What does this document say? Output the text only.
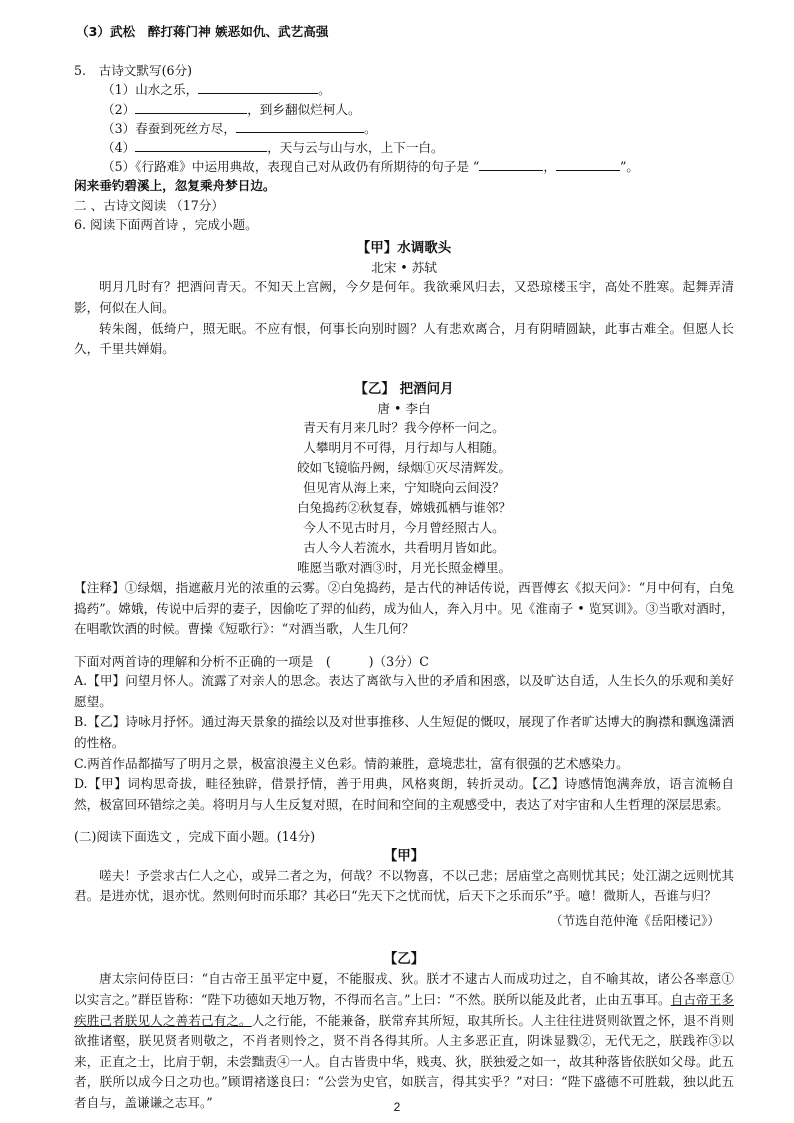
（3）武松　醉打蒋门神 嫉恶如仇、武艺高强
5.　古诗文默写(6分)
（1）山水之乐，	。
（2）	，到乡翻似烂柯人。
（3）春蚕到死丝方尽，	。
（4）	，天与云与山与水，上下一白。
（5）《行路难》中运用典故，表现自己对从政仍有所期待的句子是 “	，	”。
闲来垂钓碧溪上，忽复乘舟梦日边。
二 、古诗文阅读 （17分）
6. 阅读下面两首诗 ，完成小题。
【甲】水调歌头
北宋 • 苏轼

明月几时有？把酒问青天。不知天上宫阙，今夕是何年。我欲乘风归去，又恐琼楼玉宇，高处不胜寒。起舞弄清影，何似在人间。

转朱阁，低绮户，照无眠。不应有恨，何事长向别时圆？人有悲欢离合，月有阴晴圆缺，此事古难全。但愿人长久，千里共婵娟。

【乙】 把酒问月
唐 • 李白
青天有月来几时？我今停杯一问之。
人攀明月不可得，月行却与人相随。
皎如飞镜临丹阙，绿烟①灭尽清辉发。
但见宵从海上来，宁知晓向云间没？
白兔捣药②秋复春，嫦娥孤栖与谁邻？
今人不见古时月，今月曾经照古人。
古人今人若流水，共看明月皆如此。
唯愿当歌对酒③时，月光长照金樽里。

【注释】①绿烟，指遮蔽月光的浓重的云雾。②白兔捣药，是古代的神话传说，西晋傅玄《拟天问》：“月中何有，白兔捣药”。嫦娥，传说中后羿的妻子，因偷吃了羿的仙药，成为仙人，奔入月中。见《淮南子 • 览冥训》。③当歌对酒时，在唱歌饮酒的时候。曹操《短歌行》：“对酒当歌，人生几何？

下面对两首诗的理解和分析不正确的一项是　(　　　)（3分）C

A.【甲】问望月怀人。流露了对亲人的思念。表达了离欲与入世的矛盾和困惑，以及旷达自适，人生长久的乐观和美好愿望。

B.【乙】诗咏月抒怀。通过海天景象的描绘以及对世事推移、人生短促的慨叹，展现了作者旷达博大的胸襟和飘逸潇洒的性格。

C.两首作品都描写了明月之景，极富浪漫主义色彩。情韵兼胜，意境悲壮，富有很强的艺术感染力。

D.【甲】词构思奇拔，畦径独辟，借景抒情，善于用典，风格爽朗，转折灵动。【乙】诗感情饱满奔放，语言流畅自然，极富回环错综之美。将明月与人生反复对照，在时间和空间的主观感受中，表达了对宇宙和人生哲理的深层思索。

(二)阅读下面选文 ，完成下面小题。(14分)
【甲】

嗟夫！予尝求古仁人之心，或异二者之为，何哉？不以物喜，不以己悲；居庙堂之高则忧其民；处江湖之远则忧其君。是进亦忧，退亦忧。然则何时而乐耶？其必曰“先天下之忧而忧，后天下之乐而乐”乎。噫！微斯人，吾谁与归？

（节选自范仲淹《岳阳楼记》）
【乙】

唐太宗问侍臣曰：“自古帝王虽平定中夏，不能服戎、狄。朕才不逮古人而成功过之，自不喻其故，诸公各率意①以实言之。”群臣皆称：“陛下功德如天地万物，不得而名言。”上曰：“不然。朕所以能及此者，止由五事耳。自古帝王多疾胜己者朕见人之善若己有之。人之行能，不能兼备，朕常弃其所短，取其所长。人主往往进贤则欲置之怀，退不肖则欲推诸壑，朕见贤者则敬之，不肖者则怜之，贤不肖各得其所。人主多恶正直，阴诛显戮②，无代无之，朕践祚③以来，正直之士，比肩于朝，未尝黜责④一人。自古皆贵中华，贱夷、狄，朕独爱之如一，故其种落皆依朕如父母。此五者，朕所以成今日之功也。”顾谓褚遂良曰：“公尝为史官，如朕言，得其实乎？”对曰：“陛下盛德不可胜载，独以此五者自与，盖谦谦之志耳。”	2
